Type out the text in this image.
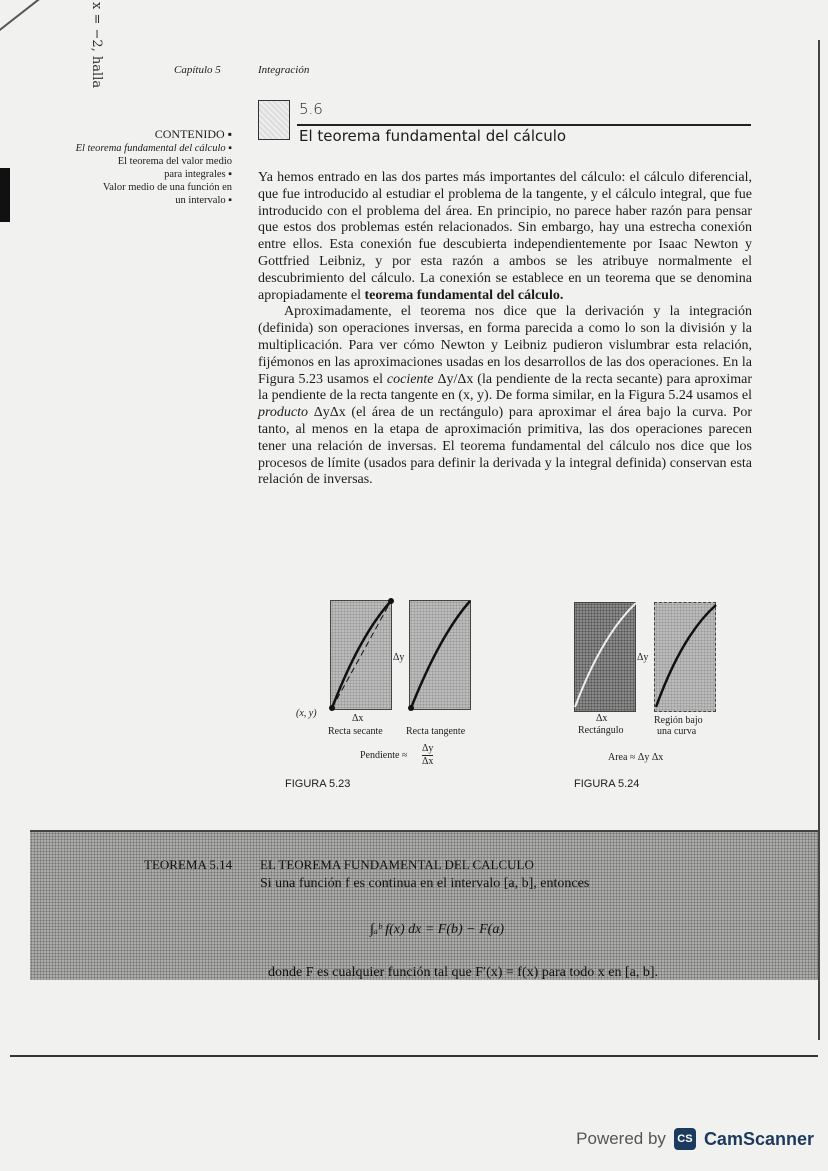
x = −2, halla	Capítulo 5	Integración
CONTENIDO ▪
El teorema fundamental del cálculo ▪
El teorema del valor medio para integrales ▪
Valor medio de una función en un intervalo ▪
5.6
El teorema fundamental del cálculo

Ya hemos entrado en las dos partes más importantes del cálculo: el cálculo diferencial, que fue introducido al estudiar el problema de la tangente, y el cálculo integral, que fue introducido con el problema del área. En principio, no parece haber razón para pensar que estos dos problemas estén relacionados. Sin embargo, hay una estrecha conexión entre ellos. Esta conexión fue descubierta independientemente por Isaac Newton y Gottfried Leibniz, y por esta razón a ambos se les atribuye normalmente el descubrimiento del cálculo. La conexión se establece en un teorema que se denomina apropiadamente el teorema fundamental del cálculo.

Aproximadamente, el teorema nos dice que la derivación y la integración (definida) son operaciones inversas, en forma parecida a como lo son la división y la multiplicación. Para ver cómo Newton y Leibniz pudieron vislumbrar esta relación, fijémonos en las aproximaciones usadas en los desarrollos de las dos operaciones. En la Figura 5.23 usamos el cociente Δy/Δx (la pendiente de la recta secante) para aproximar la pendiente de la recta tangente en (x, y). De forma similar, en la Figura 5.24 usamos el producto ΔyΔx (el área de un rectángulo) para aproximar el área bajo la curva. Por tanto, al menos en la etapa de aproximación primitiva, las dos operaciones parecen tener una relación de inversas. El teorema fundamental del cálculo nos dice que los procesos de límite (usados para definir la derivada y la integral definida) conservan esta relación de inversas.

(x, y)	Δx
Δy
Recta secante Recta tangente
Pendiente ≈ $\frac{\Delta y}{\Delta x}$
FIGURA 5.23
Δx
Δy
Rectángulo
Región bajo
una curva
Area ≈ Δy Δx
FIGURA 5.24
TEOREMA 5.14 EL TEOREMA FUNDAMENTAL DEL CALCULO
Si una función f es continua en el intervalo [a, b], entonces
∫ₐᵇ f(x) dx = F(b) − F(a)
donde F es cualquier función tal que F′(x) = f(x) para todo x en [a, b].
Powered by	CS CamScanner
